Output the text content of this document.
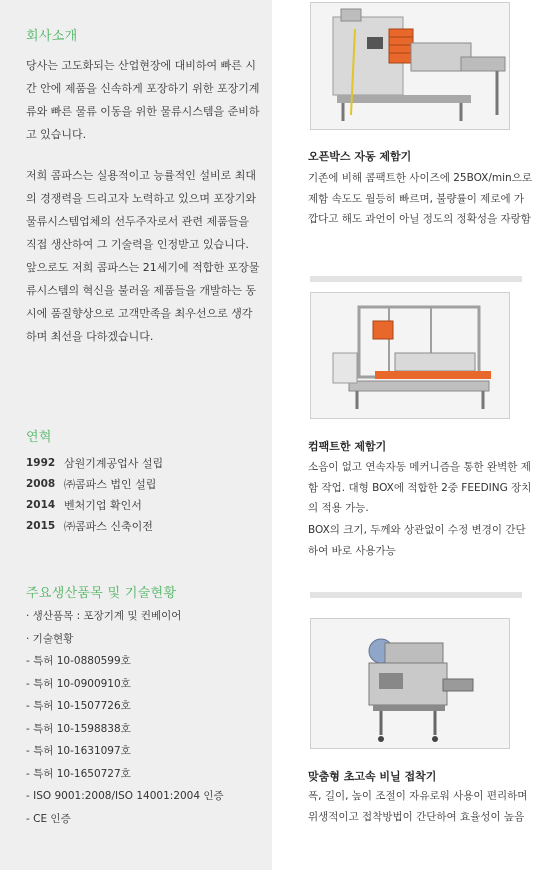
회사소개

당사는 고도화되는 산업현장에 대비하여 빠른 시간 안에 제품을 신속하게 포장하기 위한 포장기계류와 빠른 물류 이동을 위한 물류시스템을 준비하고 있습니다.

저희 콤파스는 실용적이고 능률적인 설비로 최대의 경쟁력을 드리고자 노력하고 있으며 포장기와 물류시스템업체의 선두주자로서 관련 제품들을 직접 생산하여 그 기술력을 인정받고 있습니다. 앞으로도 저희 콤파스는 21세기에 적합한 포장물류시스템의 혁신을 불러올 제품들을 개발하는 동시에 품질향상으로 고객만족을 최우선으로 생각하며 최선을 다하겠습니다.

연혁
1992 삼원기계공업사 설립
2008 ㈜콤파스 법인 설립
2014 벤처기업 확인서
2015 ㈜콤파스 신축이전
주요생산품목 및 기술현황
· 생산품목 : 포장기계 및 컨베이어
· 기술현황
- 특허 10-0880599호
- 특허 10-0900910호
- 특허 10-1507726호
- 특허 10-1598838호
- 특허 10-1631097호
- 특허 10-1650727호
- ISO 9001:2008/ISO 14001:2004 인증
- CE 인증
오픈박스 자동 제함기
기존에 비해 콤팩트한 사이즈에 25BOX/min으로 제함 속도도 월등히 빠르며, 불량률이 제로에 가깝다고 해도 과언이 아닐 정도의 정확성을 자랑함
컴팩트한 제함기
소음이 없고 연속자동 메커니즘을 통한 완벽한 제함 작업. 대형 BOX에 적합한 2중 FEEDING 장치의 적용 가능.
BOX의 크기, 두께와 상관없이 수정 변경이 간단하여 바로 사용가능
맞춤형 초고속 비닐 접착기
폭, 길이, 높이 조절이 자유로워 사용이 편리하며 위생적이고 접착방법이 간단하여 효율성이 높음
